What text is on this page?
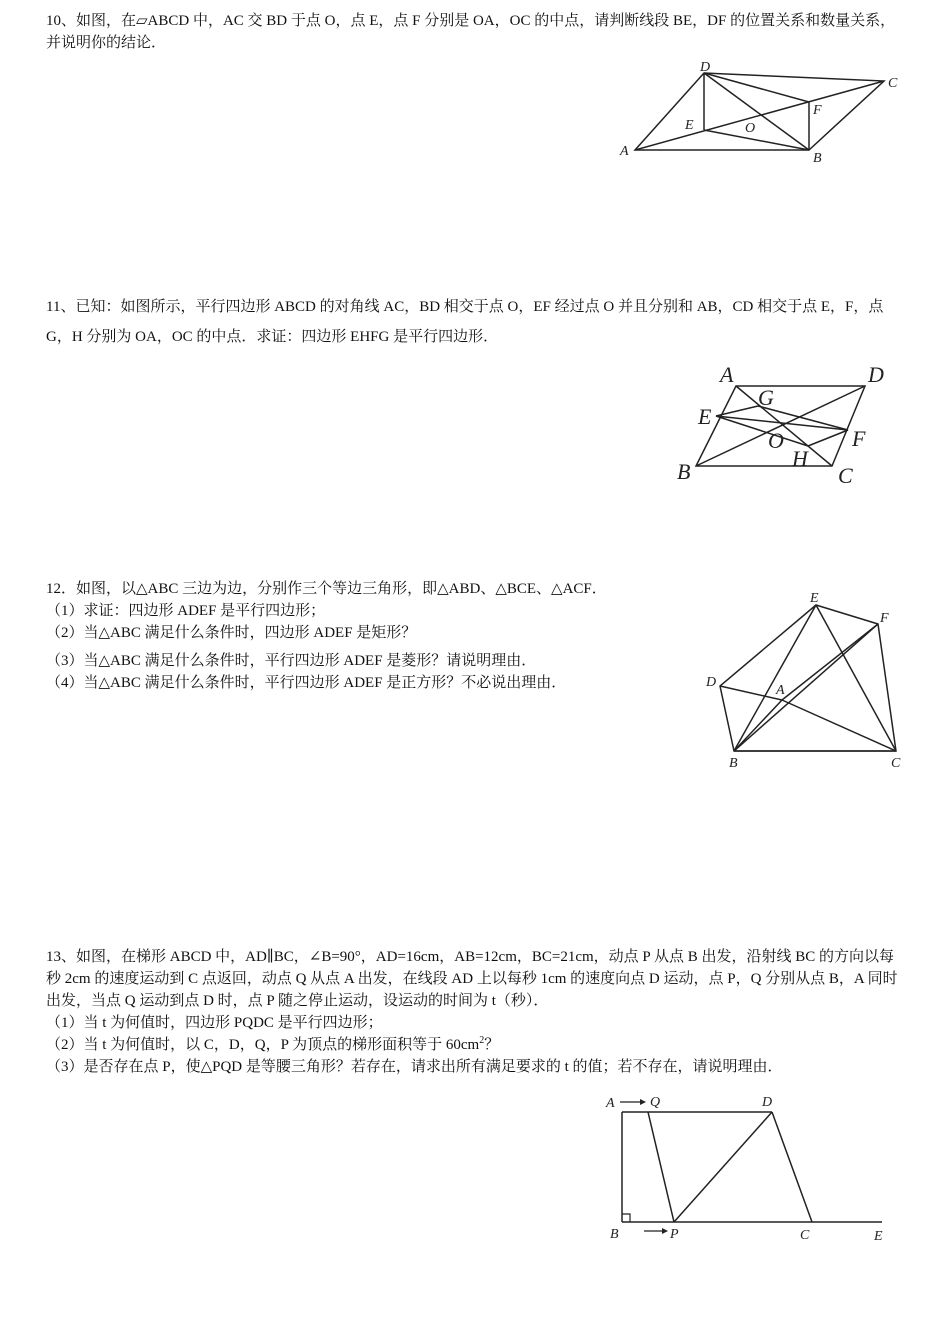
10、如图，在▱ABCD 中，AC 交 BD 于点 O，点 E，点 F 分别是 OA，OC 的中点，请判断线段 BE，DF 的位置关系和数量关系，并说明你的结论．

A	B
C
D
E
F
O

11、已知：如图所示，平行四边形 ABCD 的对角线 AC，BD 相交于点 O，EF 经过点 O 并且分别和 AB，CD 相交于点 E，F，点 G，H 分别为 OA，OC 的中点．求证：四边形 EHFG 是平行四边形．

A
B	C
D
E
F
G
H
O

12．如图，以△ABC 三边为边，分别作三个等边三角形，即△ABD、△BCE、△ACF．

（1）求证：四边形 ADEF 是平行四边形；

（2）当△ABC 满足什么条件时，四边形 ADEF 是矩形？

（3）当△ABC 满足什么条件时，平行四边形 ADEF 是菱形？请说明理由．

（4）当△ABC 满足什么条件时，平行四边形 ADEF 是正方形？不必说出理由．	A
B	C
D
E
F

13、如图，在梯形 ABCD 中，AD∥BC，∠B=90°，AD=16cm，AB=12cm，BC=21cm，动点 P 从点 B 出发，沿射线 BC 的方向以每秒 2cm 的速度运动到 C 点返回，动点 Q 从点 A 出发，在线段 AD 上以每秒 1cm 的速度向点 D 运动，点 P，Q 分别从点 B，A 同时出发，当点 Q 运动到点 D 时，点 P 随之停止运动，设运动的时间为 t（秒）．

（1）当 t 为何值时，四边形 PQDC 是平行四边形；

（2）当 t 为何值时，以 C，D，Q，P 为顶点的梯形面积等于 $60cm^2$？

（3）是否存在点 P，使△PQD 是等腰三角形？若存在，请求出所有满足要求的 t 的值；若不存在，请说明理由．

A	Q	D
B	P	C	E
